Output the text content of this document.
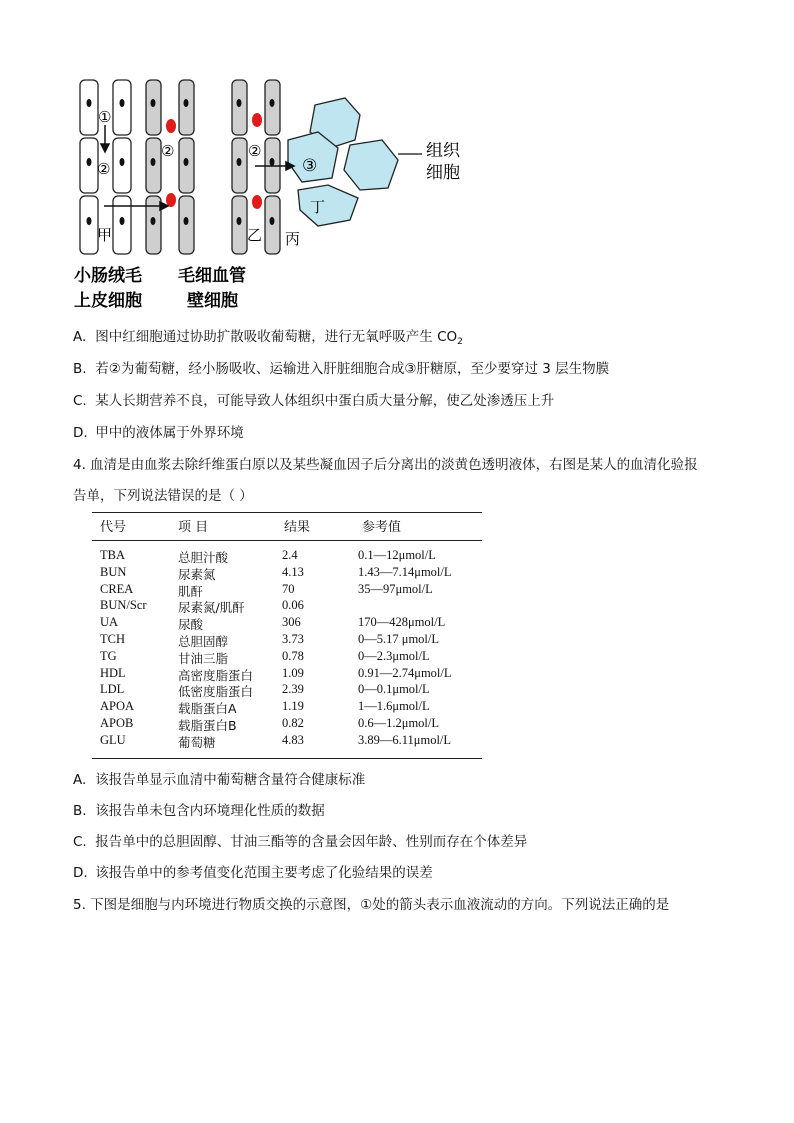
①
②
②	②
③
甲	乙 丙
丁
组织
细胞
小肠绒毛
上皮细胞
毛细血管
壁细胞
A. 图中红细胞通过协助扩散吸收葡萄糖，进行无氧呼吸产生 $CO_2$
B. 若②为葡萄糖，经小肠吸收、运输进入肝脏细胞合成③肝糖原，至少要穿过 3 层生物膜
C. 某人长期营养不良，可能导致人体组织中蛋白质大量分解，使乙处渗透压上升
D. 甲中的液体属于外界环境
4. 血清是由血浆去除纤维蛋白原以及某些凝血因子后分离出的淡黄色透明液体，右图是某人的血清化验报
告单，下列说法错误的是（ ）
代号	项 目	结果	参考值
TBA	总胆汁酸	2.4	0.1—12μmol/L
BUN	尿素氮	4.13	1.43—7.14μmol/L
CREA	肌酐	70	35—97μmol/L
BUN/Scr	尿素氮/肌酐	0.06
UA	尿酸	306	170—428μmol/L
TCH	总胆固醇	3.73	0—5.17 μmol/L
TG	甘油三脂	0.78	0—2.3μmol/L
HDL	高密度脂蛋白 1.09	0.91—2.74μmol/L
LDL	低密度脂蛋白 2.39	0—0.1μmol/L
APOA	载脂蛋白A	1.19	1—1.6μmol/L
APOB	载脂蛋白B	0.82	0.6—1.2μmol/L
GLU	葡萄糖	4.83	3.89—6.11μmol/L
A. 该报告单显示血清中葡萄糖含量符合健康标准
B. 该报告单未包含内环境理化性质的数据
C. 报告单中的总胆固醇、甘油三酯等的含量会因年龄、性别而存在个体差异
D. 该报告单中的参考值变化范围主要考虑了化验结果的误差
5. 下图是细胞与内环境进行物质交换的示意图，①处的箭头表示血液流动的方向。下列说法正确的是
